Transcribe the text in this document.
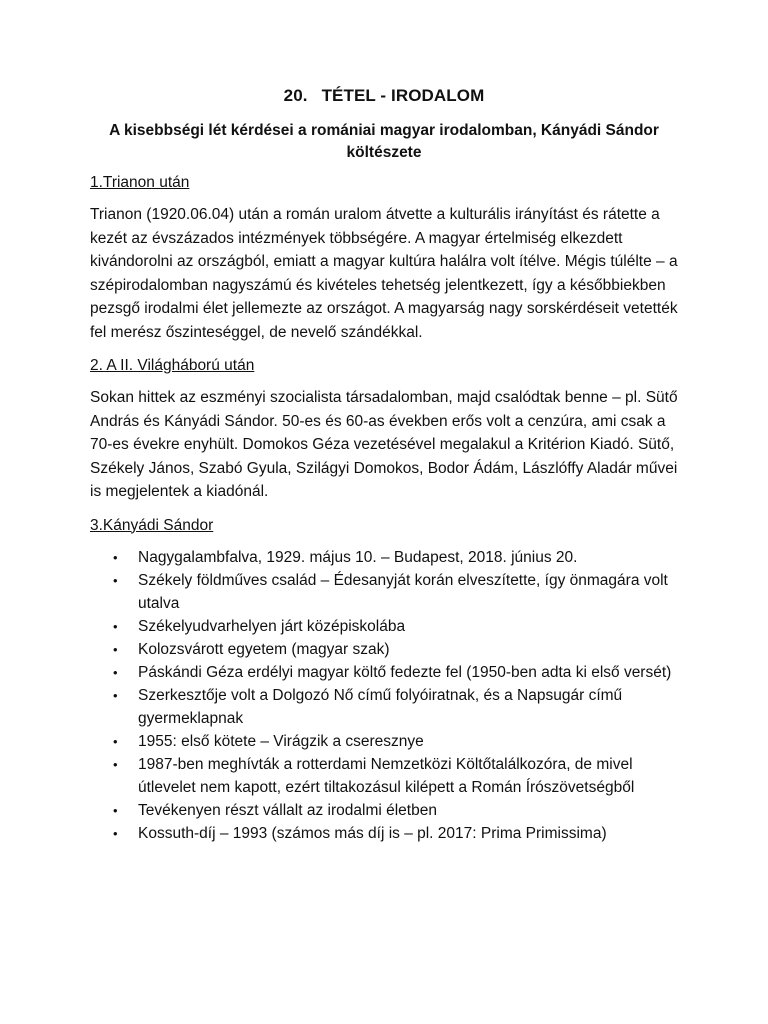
20. TÉTEL - IRODALOM

A kisebbségi lét kérdései a romániai magyar irodalomban, Kányádi Sándor költészete

1.Trianon után

Trianon (1920.06.04) után a román uralom átvette a kulturális irányítást és rátette a kezét az évszázados intézmények többségére. A magyar értelmiség elkezdett kivándorolni az országból, emiatt a magyar kultúra halálra volt ítélve. Mégis túlélte – a szépirodalomban nagyszámú és kivételes tehetség jelentkezett, így a későbbiekben pezsgő irodalmi élet jellemezte az országot. A magyarság nagy sorskérdéseit vetették fel merész őszinteséggel, de nevelő szándékkal.

2. A II. Világháború után

Sokan hittek az eszményi szocialista társadalomban, majd csalódtak benne – pl. Sütő András és Kányádi Sándor. 50-es és 60-as években erős volt a cenzúra, ami csak a 70-es évekre enyhült. Domokos Géza vezetésével megalakul a Kritérion Kiadó. Sütő, Székely János, Szabó Gyula, Szilágyi Domokos, Bodor Ádám, Lászlóffy Aladár művei is megjelentek a kiadónál.

3.Kányádi Sándor

• Nagygalambfalva, 1929. május 10. – Budapest, 2018. június 20.
• Székely földműves család – Édesanyját korán elveszítette, így önmagára volt utalva
• Székelyudvarhelyen járt középiskolába
• Kolozsvárott egyetem (magyar szak)
• Páskándi Géza erdélyi magyar költő fedezte fel (1950-ben adta ki első versét)
• Szerkesztője volt a Dolgozó Nő című folyóiratnak, és a Napsugár című gyermeklapnak
• 1955: első kötete – Virágzik a cseresznye
• 1987-ben meghívták a rotterdami Nemzetközi Költőtalálkozóra, de mivel útlevelet nem kapott, ezért tiltakozásul kilépett a Román Írószövetségből
• Tevékenyen részt vállalt az irodalmi életben
• Kossuth-díj – 1993 (számos más díj is – pl. 2017: Prima Primissima)
